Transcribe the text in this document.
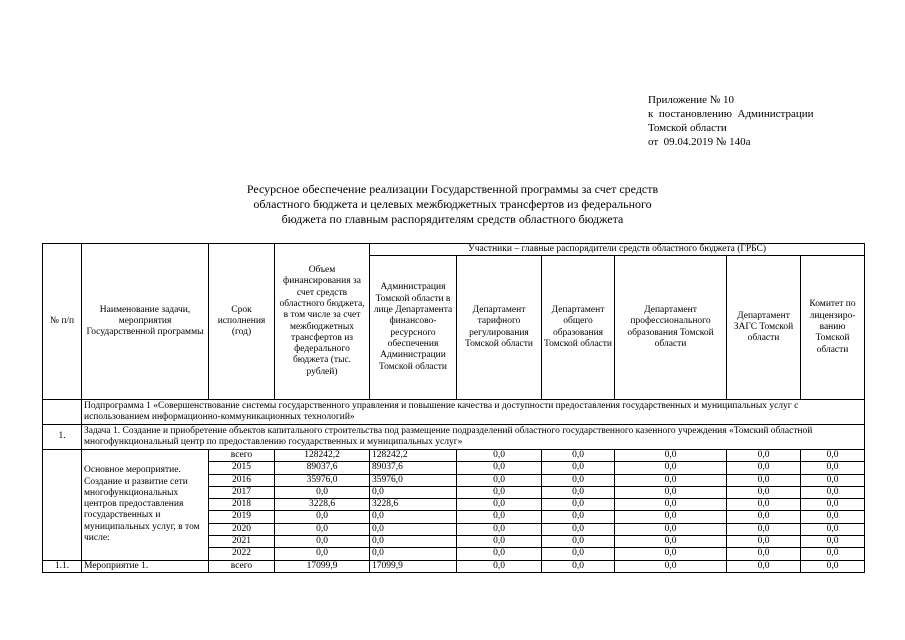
Приложение № 10
к  постановлению  Администрации
Томской области
от  09.04.2019 № 140а
Ресурсное обеспечение реализации Государственной программы за счет средств
областного бюджета и целевых межбюджетных трансфертов из федерального
бюджета по главным распорядителям средств областного бюджета
№ п/п	Наименование задачи, мероприятия Государственной программы	Срок исполнения (год)	Объем финансирования за счет средств областного бюджета, в том числе за счет межбюджетных трансфертов из федерального бюджета (тыс. рублей)	Участники – главные распорядители средств областного бюджета (ГРБС)					
				Администрация Томской области в лице Департамента финансово-ресурсного обеспечения Администрации Томской области	Департамент тарифного регулирования Томской области	Департамент общего образования Томской области	Департамент профессионального образования Томской области	Департамент ЗАГС Томской области	Комитет по лицензиро-ванию Томской области
	Подпрограмма 1 «Совершенствование системы государственного управления и повышение качества и доступности предоставления государственных и муниципальных услуг с использованием информационно-коммуникационных технологий»								
1.	Задача 1. Создание и приобретение объектов капитального строительства под размещение подразделений областного государственного казенного учреждения «Томский областной многофункциональный центр по предоставлению государственных и муниципальных услуг»								
	Основное мероприятие. Создание и развитие сети многофункциональных центров предоставления государственных и муниципальных услуг, в том числе:	всего	128242,2	128242,2	0,0	0,0	0,0	0,0	0,0
		2015	89037,6	89037,6	0,0	0,0	0,0	0,0	0,0
		2016	35976,0	35976,0	0,0	0,0	0,0	0,0	0,0
		2017	0,0	0,0	0,0	0,0	0,0	0,0	0,0
		2018	3228,6	3228,6	0,0	0,0	0,0	0,0	0,0
		2019	0,0	0,0	0,0	0,0	0,0	0,0	0,0
		2020	0,0	0,0	0,0	0,0	0,0	0,0	0,0
		2021	0,0	0,0	0,0	0,0	0,0	0,0	0,0
		2022	0,0	0,0	0,0	0,0	0,0	0,0	0,0
1.1.	Мероприятие 1.	всего	17099,9	17099,9	0,0	0,0	0,0	0,0	0,0
